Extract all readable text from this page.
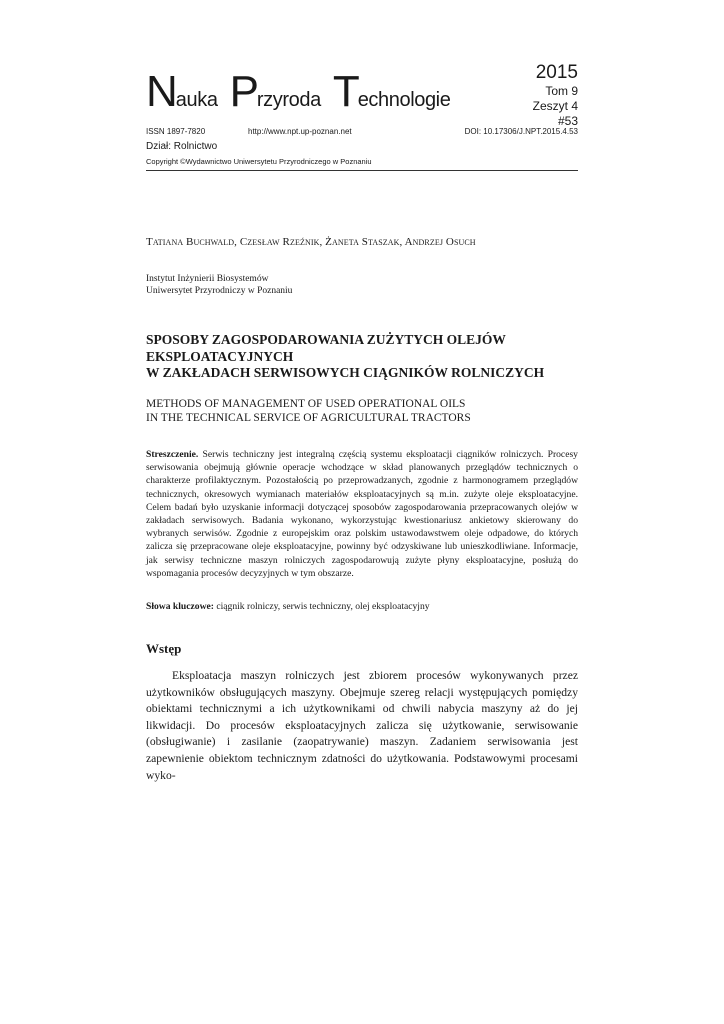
Nauka Przyroda Technologie
2015
Tom 9
Zeszyt 4
#53
ISSN 1897-7820	http://www.npt.up-poznan.net	DOI: 10.17306/J.NPT.2015.4.53
Dział: Rolnictwo
Copyright ©Wydawnictwo Uniwersytetu Przyrodniczego w Poznaniu
Tatiana Buchwald, Czesław Rzeźnik, Żaneta Staszak, Andrzej Osuch
Instytut Inżynierii Biosystemów
Uniwersytet Przyrodniczy w Poznaniu
SPOSOBY ZAGOSPODAROWANIA ZUŻYTYCH OLEJÓW
EKSPLOATACYJNYCH
W ZAKŁADACH SERWISOWYCH CIĄGNIKÓW ROLNICZYCH
METHODS OF MANAGEMENT OF USED OPERATIONAL OILS
IN THE TECHNICAL SERVICE OF AGRICULTURAL TRACTORS

Streszczenie. Serwis techniczny jest integralną częścią systemu eksploatacji ciągników rolniczych. Procesy serwisowania obejmują głównie operacje wchodzące w skład planowanych przeglądów technicznych o charakterze profilaktycznym. Pozostałością po przeprowadzanych, zgodnie z harmonogramem przeglądów technicznych, okresowych wymianach materiałów eksploatacyjnych są m.in. zużyte oleje eksploatacyjne. Celem badań było uzyskanie informacji dotyczącej sposobów zagospodarowania przepracowanych olejów w zakładach serwisowych. Badania wykonano, wykorzystując kwestionariusz ankietowy skierowany do wybranych serwisów. Zgodnie z europejskim oraz polskim ustawodawstwem oleje odpadowe, do których zalicza się przepracowane oleje eksploatacyjne, powinny być odzyskiwane lub unieszkodliwiane. Informacje, jak serwisy techniczne maszyn rolniczych zagospodarowują zużyte płyny eksploatacyjne, posłużą do wspomagania procesów decyzyjnych w tym obszarze.

Słowa kluczowe: ciągnik rolniczy, serwis techniczny, olej eksploatacyjny

Wstęp

Eksploatacja maszyn rolniczych jest zbiorem procesów wykonywanych przez użytkowników obsługujących maszyny. Obejmuje szereg relacji występujących pomiędzy obiektami technicznymi a ich użytkownikami od chwili nabycia maszyny aż do jej likwidacji. Do procesów eksploatacyjnych zalicza się użytkowanie, serwisowanie (obsługiwanie) i zasilanie (zaopatrywanie) maszyn. Zadaniem serwisowania jest zapewnienie obiektom technicznym zdatności do użytkowania. Podstawowymi procesami wyko-
